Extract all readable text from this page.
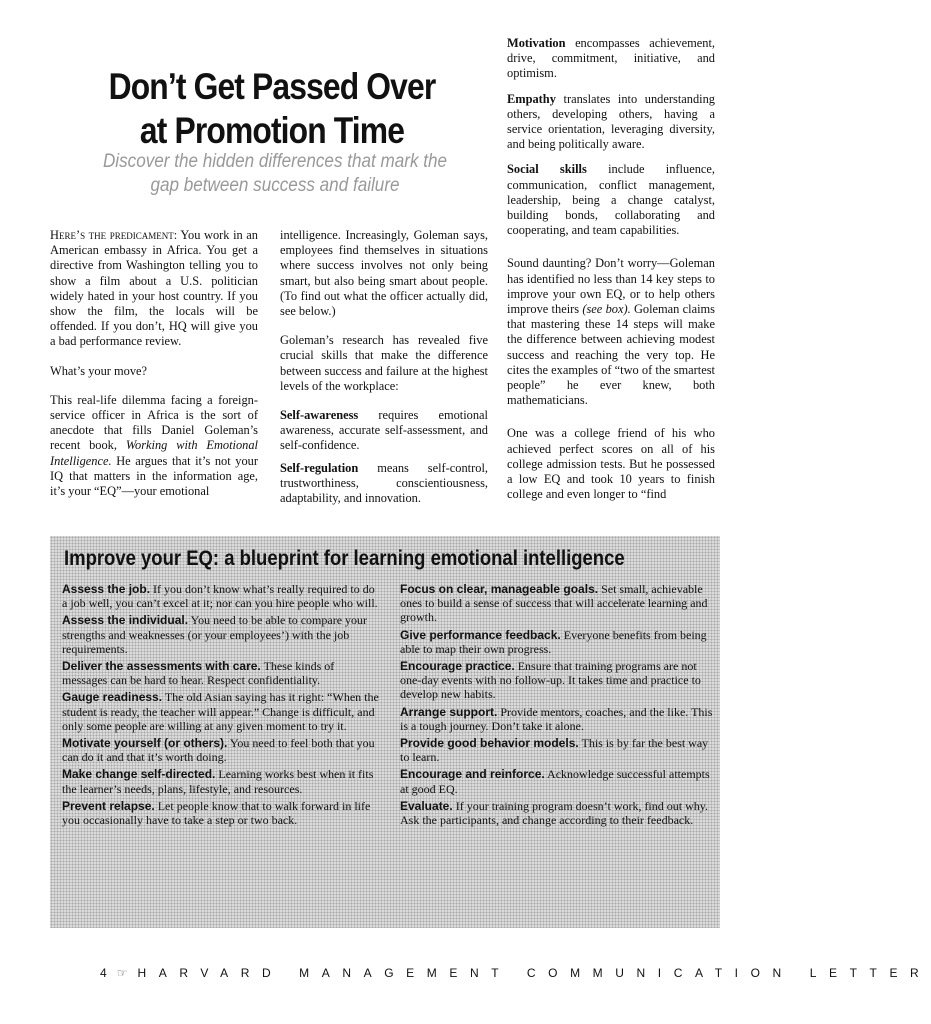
Don’t Get Passed Over at Promotion Time
Discover the hidden differences that mark the gap between success and failure

Here’s the predicament: You work in an American embassy in Africa. You get a directive from Washington telling you to show a film about a U.S. politician widely hated in your host country. If you show the film, the locals will be offended. If you don’t, HQ will give you a bad performance review.

What’s your move?

This real-life dilemma facing a foreign-service officer in Africa is the sort of anecdote that fills Daniel Goleman’s recent book, Working with Emotional Intelligence. He argues that it’s not your IQ that matters in the information age, it’s your “EQ”—your emotional

intelligence. Increasingly, Goleman says, employees find themselves in situations where success involves not only being smart, but also being smart about people. (To find out what the officer actually did, see below.)

Goleman’s research has revealed five crucial skills that make the difference between success and failure at the highest levels of the workplace:

Self-awareness requires emotional awareness, accurate self-assessment, and self-confidence.

Self-regulation means self-control, trustworthiness, conscientiousness, adaptability, and innovation.

Motivation encompasses achievement, drive, commitment, initiative, and optimism.

Empathy translates into understanding others, developing others, having a service orientation, leveraging diversity, and being politically aware.

Social skills include influence, communication, conflict management, leadership, being a change catalyst, building bonds, collaborating and cooperating, and team capabilities.

Sound daunting? Don’t worry—Goleman has identified no less than 14 key steps to improve your own EQ, or to help others improve theirs (see box). Goleman claims that mastering these 14 steps will make the difference between achieving modest success and reaching the very top. He cites the examples of “two of the smartest people” he ever knew, both mathematicians.

One was a college friend of his who achieved perfect scores on all of his college admission tests. But he possessed a low EQ and took 10 years to finish college and even longer to “find

Improve your EQ: a blueprint for learning emotional intelligence

Assess the job. If you don’t know what’s really required to do a job well, you can’t excel at it; nor can you hire people who will.

Assess the individual. You need to be able to compare your strengths and weaknesses (or your employees’) with the job requirements.

Deliver the assessments with care. These kinds of messages can be hard to hear. Respect confidentiality.

Gauge readiness. The old Asian saying has it right: “When the student is ready, the teacher will appear.” Change is difficult, and only some people are willing at any given moment to try it.

Motivate yourself (or others). You need to feel both that you can do it and that it’s worth doing.

Make change self-directed. Learning works best when it fits the learner’s needs, plans, lifestyle, and resources.

Prevent relapse. Let people know that to walk forward in life you occasionally have to take a step or two back.

Focus on clear, manageable goals. Set small, achievable ones to build a sense of success that will accelerate learning and growth.

Give performance feedback. Everyone benefits from being able to map their own progress.

Encourage practice. Ensure that training programs are not one-day events with no follow-up. It takes time and practice to develop new habits.

Arrange support. Provide mentors, coaches, and the like. This is a tough journey. Don’t take it alone.

Provide good behavior models. This is by far the best way to learn.

Encourage and reinforce. Acknowledge successful attempts at good EQ.

Evaluate. If your training program doesn’t work, find out why. Ask the participants, and change according to their feedback.

4 ☞ HARVARD MANAGEMENT COMMUNICATION LETTER
